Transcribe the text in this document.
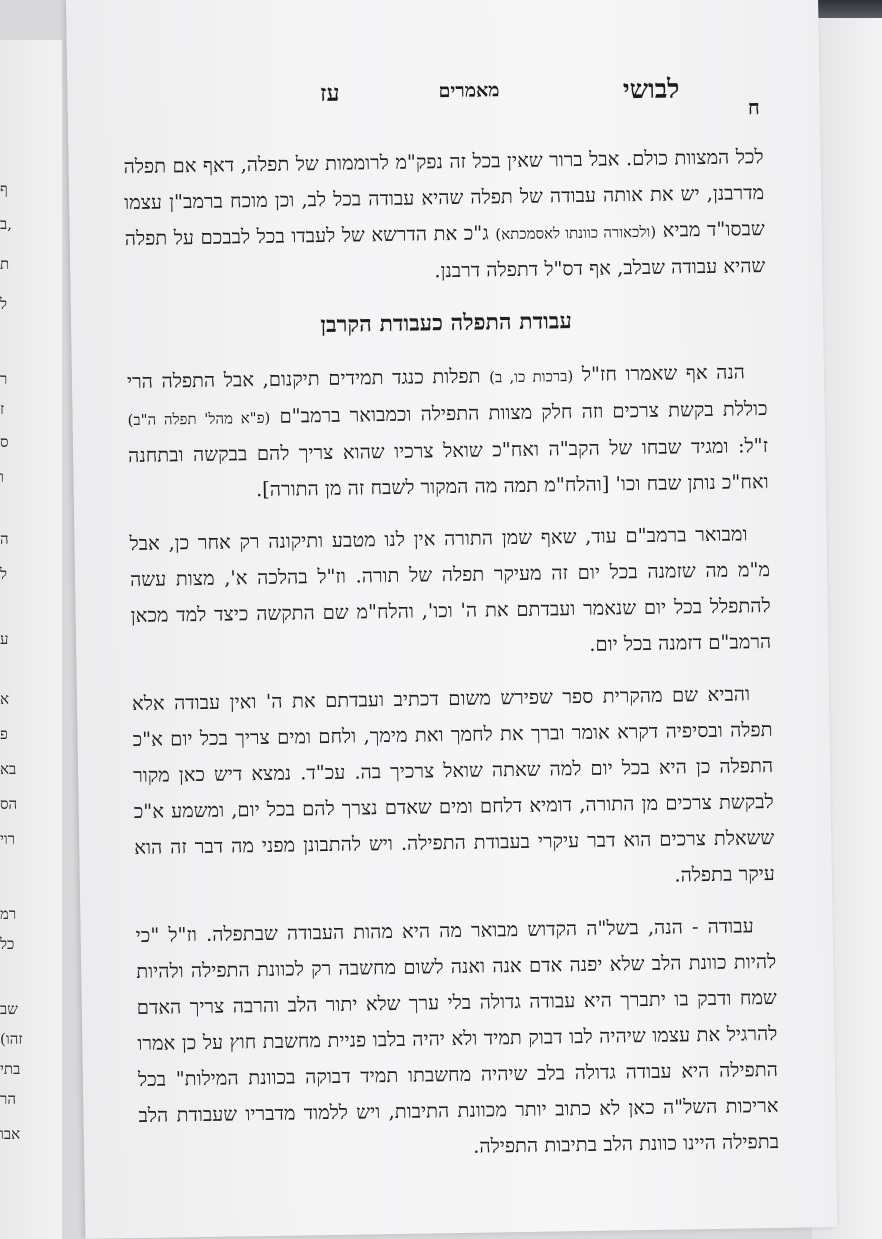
ף
ב,
ת
ל
ר
ז
ס
ו
ה
ל
ע
א
פ
בא
הס
רוי
רמ
כל
שב
(זהו
בתי
הר
אבו
ח
לבושי
מאמרים
עז

לכל המצוות כולם. אבל ברור שאין בכל זה נפק"מ לרוממות של תפלה, דאף אם תפלה מדרבנן, יש את אותה עבודה של תפלה שהיא עבודה בכל לב, וכן מוכח ברמב"ן עצמו שבסו"ד מביא (ולכאורה כוונתו לאסמכתא) ג"כ את הדרשא של לעבדו בכל לבבכם על תפלה שהיא עבודה שבלב, אף דס"ל דתפלה דרבנן.

עבודת התפלה כעבודת הקרבן

הנה אף שאמרו חז"ל (ברכות כו, ב) תפלות כנגד תמידים תיקנום, אבל התפלה הרי כוללת בקשת צרכים וזה חלק מצוות התפילה וכמבואר ברמב"ם (פ"א מהל' תפלה ה"ב) ז"ל: ומגיד שבחו של הקב"ה ואח"כ שואל צרכיו שהוא צריך להם בבקשה ובתחנה ואח"כ נותן שבח וכו' [והלח"מ תמה מה המקור לשבח זה מן התורה].

ומבואר ברמב"ם עוד, שאף שמן התורה אין לנו מטבע ותיקונה רק אחר כן, אבל מ"מ מה שזמנה בכל יום זה מעיקר תפלה של תורה. וז"ל בהלכה א', מצות עשה להתפלל בכל יום שנאמר ועבדתם את ה' וכו', והלח"מ שם התקשה כיצד למד מכאן הרמב"ם דזמנה בכל יום.

והביא שם מהקרית ספר שפירש משום דכתיב ועבדתם את ה' ואין עבודה אלא תפלה ובסיפיה דקרא אומר וברך את לחמך ואת מימך, ולחם ומים צריך בכל יום א"כ התפלה כן היא בכל יום למה שאתה שואל צרכיך בה. עכ"ד. נמצא דיש כאן מקור לבקשת צרכים מן התורה, דומיא דלחם ומים שאדם נצרך להם בכל יום, ומשמע א"כ ששאלת צרכים הוא דבר עיקרי בעבודת התפילה. ויש להתבונן מפני מה דבר זה הוא עיקר בתפלה.

עבודה - הנה, בשל"ה הקדוש מבואר מה היא מהות העבודה שבתפלה. וז"ל "כי להיות כוונת הלב שלא יפנה אדם אנה ואנה לשום מחשבה רק לכוונת התפילה ולהיות שמח ודבק בו יתברך היא עבודה גדולה בלי ערך שלא יתור הלב והרבה צריך האדם להרגיל את עצמו שיהיה לבו דבוק תמיד ולא יהיה בלבו פניית מחשבת חוץ על כן אמרו התפילה היא עבודה גדולה בלב שיהיה מחשבתו תמיד דבוקה בכוונת המילות" בכל אריכות השל"ה כאן לא כתוב יותר מכוונת התיבות, ויש ללמוד מדבריו שעבודת הלב בתפילה היינו כוונת הלב בתיבות התפילה.
